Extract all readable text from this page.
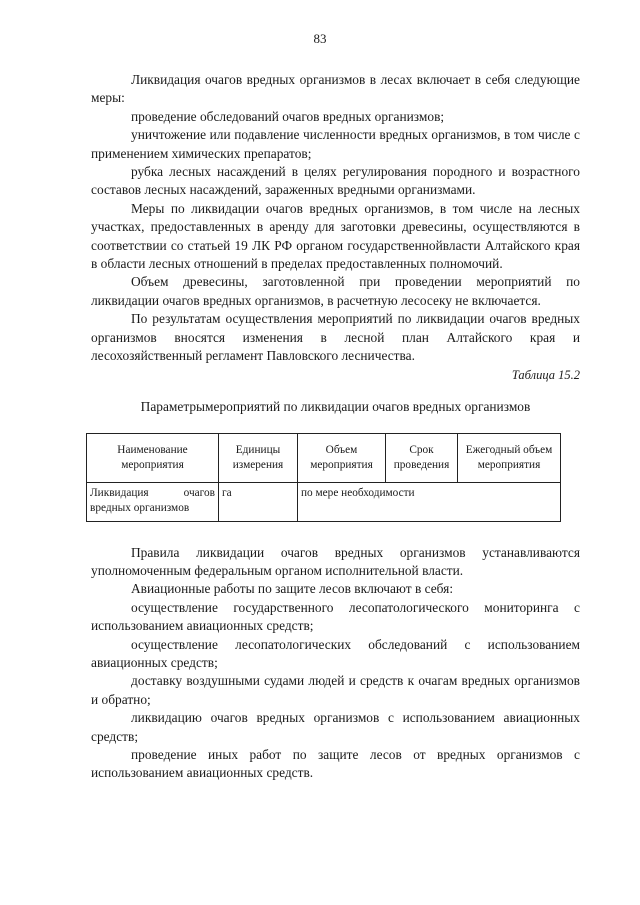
83

Ликвидация очагов вредных организмов в лесах включает в себя следующие меры:

проведение обследований очагов вредных организмов;

уничтожение или подавление численности вредных организмов, в том числе с применением химических препаратов;

рубка лесных насаждений в целях регулирования породного и возрастного составов лесных насаждений, зараженных вредными организмами.

Меры по ликвидации очагов вредных организмов, в том числе на лесных участках, предоставленных в аренду для заготовки древесины, осуществляются в соответствии со статьей 19 ЛК РФ органом государственнойвласти Алтайского края в области лесных отношений в пределах предоставленных полномочий.

Объем древесины, заготовленной при проведении мероприятий по ликвидации очагов вредных организмов, в расчетную лесосеку не включается.

По результатам осуществления мероприятий по ликвидации очагов вредных организмов вносятся изменения в лесной план Алтайского края и лесохозяйственный регламент Павловского лесничества.

Таблица 15.2
Параметрымероприятий по ликвидации очагов вредных организмов
Наименование мероприятия	Единицы измерения	Объем мероприятия	Срок проведения	Ежегодный объем мероприятия
Ликвидация очагов вредных организмов	га	по мере необходимости		

Правила ликвидации очагов вредных организмов устанавливаются уполномоченным федеральным органом исполнительной власти.

Авиационные работы по защите лесов включают в себя:

осуществление государственного лесопатологического мониторинга с использованием авиационных средств;

осуществление лесопатологических обследований с использованием авиационных средств;

доставку воздушными судами людей и средств к очагам вредных организмов и обратно;

ликвидацию очагов вредных организмов с использованием авиационных средств;

проведение иных работ по защите лесов от вредных организмов с использованием авиационных средств.
